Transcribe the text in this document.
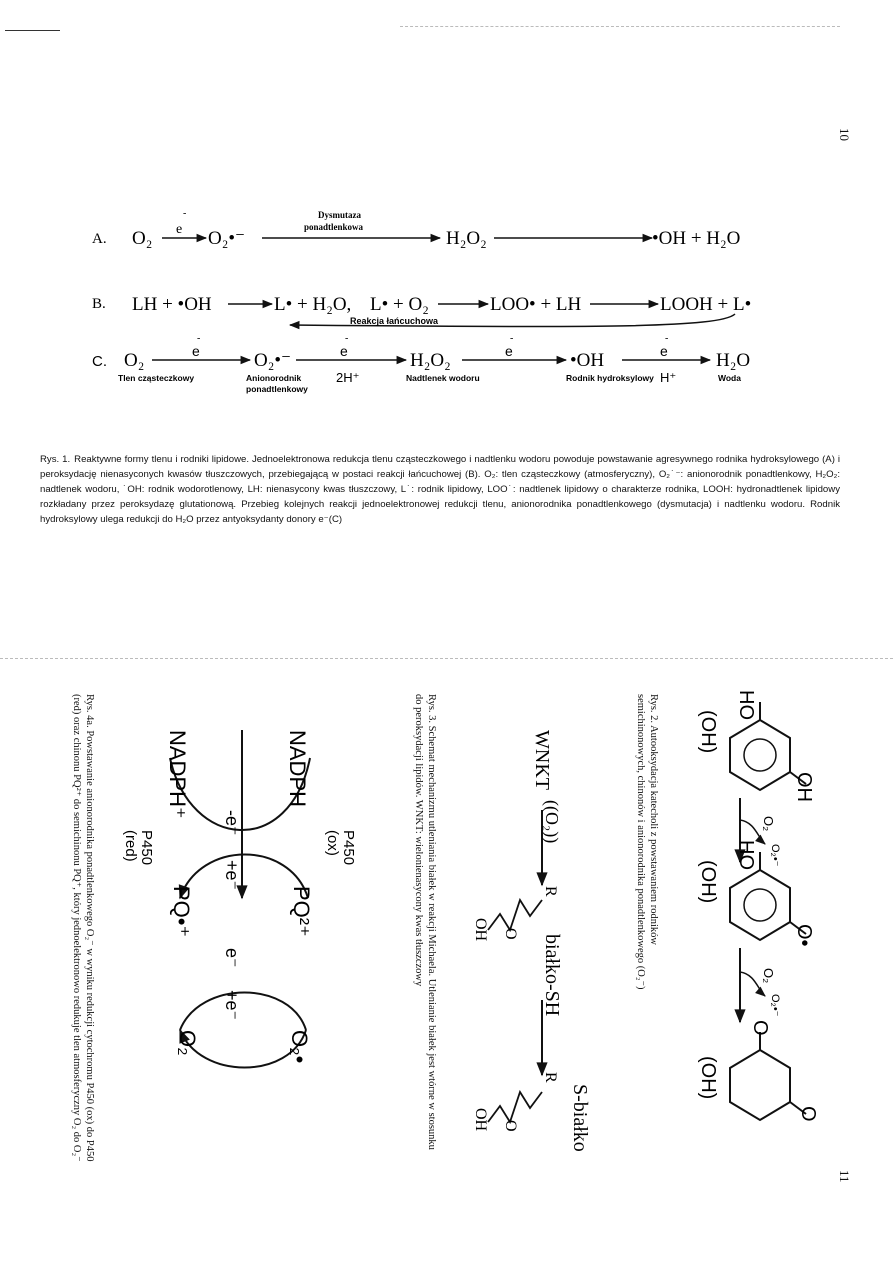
10
11
A. O₂ e
-
O₂•⁻
Dysmutaza
ponadtlenkowa
H₂O₂	•OH + H₂O
B. LH + •OH	L• + H₂O, L• + O₂	LOO• + LH	LOOH + L•
Reakcja łańcuchowa
C. O₂	e
-
O₂•⁻	e
-
2H⁺
H₂O₂	e
-
•OH	e
-
H⁺
H₂O
Tlen cząsteczkowy	Anionorodnik
ponadtlenkowy
Nadtlenek wodoru	Rodnik hydroksylowy	Woda
Rys. 1. Reaktywne formy tlenu i rodniki lipidowe. Jednoelektronowa redukcja tlenu cząsteczkowego i nadtlenku wodoru powoduje powstawanie agresywnego rodnika hydroksylowego (A) i peroksydację nienasyconych kwasów tłuszczowych, przebiegającą w postaci reakcji łańcuchowej (B). O₂: tlen cząsteczkowy (atmosferyczny), O₂˙⁻: anionorodnik ponadtlenkowy, H₂O₂: nadtlenek wodoru, ˙OH: rodnik wodorotlenowy, LH: nienasycony kwas tłuszczowy, L˙: rodnik lipidowy, LOO˙: nadtlenek lipidowy o charakterze rodnika, LOOH: hydronadtlenek lipidowy rozkładany przez peroksydazę glutationową. Przebieg kolejnych reakcji jednoelektronowej redukcji tlenu, anionorodnika ponadtlenkowego (dysmutacja) i nadtlenku wodoru. Rodnik hydroksylowy ulega redukcji do H₂O przez antyoksydanty donory e⁻(C)
HO
OH
(OH)
O₂
O₂•⁻
HO
O•
(OH)
O₂
O₂•⁻
O
O
(OH)
Rys. 2. Autooksydacja katecholi z powstawaniem rodników semichinonowych, chinonów i anionorodnika ponadtlenkowego (O₂⁻)
WNKT
((O₂))
R
OH O
białko-SH
R
S-białko
OH O
Rys. 3. Schemat mechanizmu utleniania białek w reakcji Michaela. Utlenianie białek jest wtórne w stosunku do peroksydacji lipidów. WNKT: wielonienasycony kwas tłuszczowy
NADPH
NADPH⁺
P450
(ox)
P450
(red)
-e⁻
+e⁻
PQ²⁺
PQ•⁺
e⁻
+e⁻
O₂•
O₂
Rys. 4a. Powstawanie anionorodnika ponadtlenkowego O₂⁻ w wyniku redukcji cytochromu P450 (ox) do P450 (red) oraz chinonu PQ²⁺ do semichinonu PQ⁺, który jednoelektronowo redukuje tlen atmosferyczny O₂ do O₂⁻
